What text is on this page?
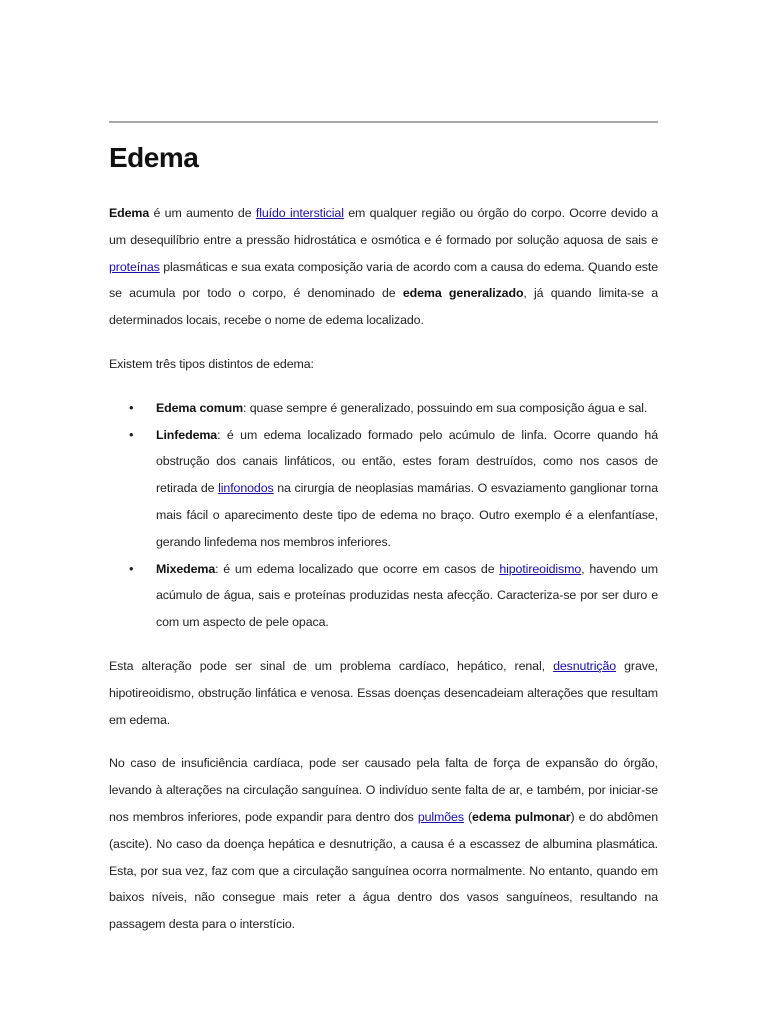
Edema

Edema é um aumento de fluído intersticial em qualquer região ou órgão do corpo. Ocorre devido a um desequilíbrio entre a pressão hidrostática e osmótica e é formado por solução aquosa de sais e proteínas plasmáticas e sua exata composição varia de acordo com a causa do edema. Quando este se acumula por todo o corpo, é denominado de edema generalizado, já quando limita-se a determinados locais, recebe o nome de edema localizado.

Existem três tipos distintos de edema:

• Edema comum: quase sempre é generalizado, possuindo em sua composição água e sal.
• Linfedema: é um edema localizado formado pelo acúmulo de linfa. Ocorre quando há obstrução dos canais linfáticos, ou então, estes foram destruídos, como nos casos de retirada de linfonodos na cirurgia de neoplasias mamárias. O esvaziamento ganglionar torna mais fácil o aparecimento deste tipo de edema no braço. Outro exemplo é a elenfantíase, gerando linfedema nos membros inferiores.
• Mixedema: é um edema localizado que ocorre em casos de hipotireoidismo, havendo um acúmulo de água, sais e proteínas produzidas nesta afecção. Caracteriza-se por ser duro e com um aspecto de pele opaca.

Esta alteração pode ser sinal de um problema cardíaco, hepático, renal, desnutrição grave, hipotireoidismo, obstrução linfática e venosa. Essas doenças desencadeiam alterações que resultam em edema.

No caso de insuficiência cardíaca, pode ser causado pela falta de força de expansão do órgão, levando à alterações na circulação sanguínea. O indivíduo sente falta de ar, e também, por iniciar-se nos membros inferiores, pode expandir para dentro dos pulmões (edema pulmonar) e do abdômen (ascite). No caso da doença hepática e desnutrição, a causa é a escassez de albumina plasmática. Esta, por sua vez, faz com que a circulação sanguínea ocorra normalmente. No entanto, quando em baixos níveis, não consegue mais reter a água dentro dos vasos sanguíneos, resultando na passagem desta para o interstício.
